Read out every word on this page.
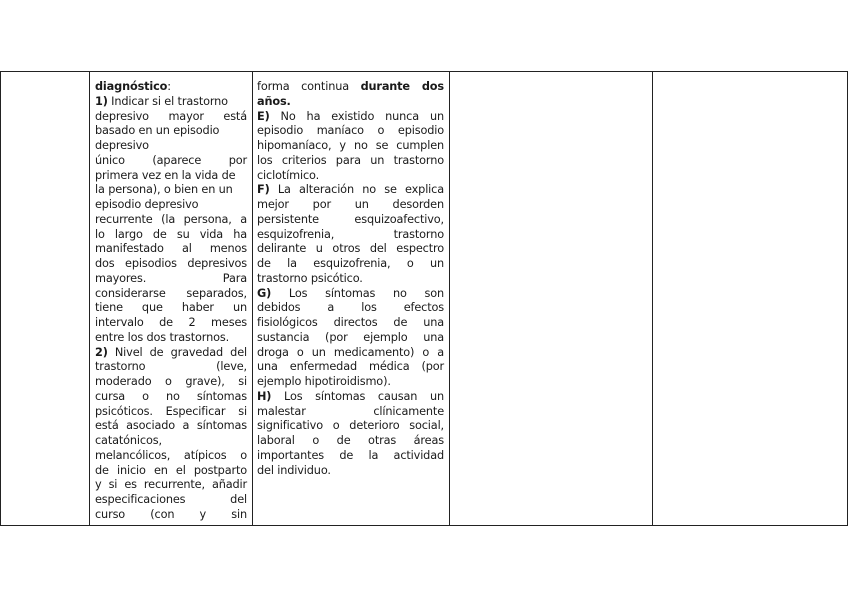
diagnóstico:
1) Indicar si el trastorno
depresivo mayor está
basado en un episodio
depresivo
único (aparece por
primera vez en la vida de
la persona), o bien en un
episodio depresivo
recurrente (la persona, a
lo largo de su vida ha
manifestado al menos
dos episodios depresivos
mayores. Para
considerarse separados,
tiene que haber un
intervalo de 2 meses
entre los dos trastornos.
2) Nivel de gravedad del
trastorno (leve,
moderado o grave), si
cursa o no síntomas
psicóticos. Especificar si
está asociado a síntomas
catatónicos,
melancólicos, atípicos o
de inicio en el postparto
y si es recurrente, añadir
especificaciones del
curso (con y sin
forma continua durante dos
años.
E) No ha existido nunca un
episodio maníaco o episodio
hipomaníaco, y no se cumplen
los criterios para un trastorno
ciclotímico.
F) La alteración no se explica
mejor por un desorden
persistente esquizoafectivo,
esquizofrenia, trastorno
delirante u otros del espectro
de la esquizofrenia, o un
trastorno psicótico.
G) Los síntomas no son
debidos a los efectos
fisiológicos directos de una
sustancia (por ejemplo una
droga o un medicamento) o a
una enfermedad médica (por
ejemplo hipotiroidismo).
H) Los síntomas causan un
malestar clínicamente
significativo o deterioro social,
laboral o de otras áreas
importantes de la actividad
del individuo.
